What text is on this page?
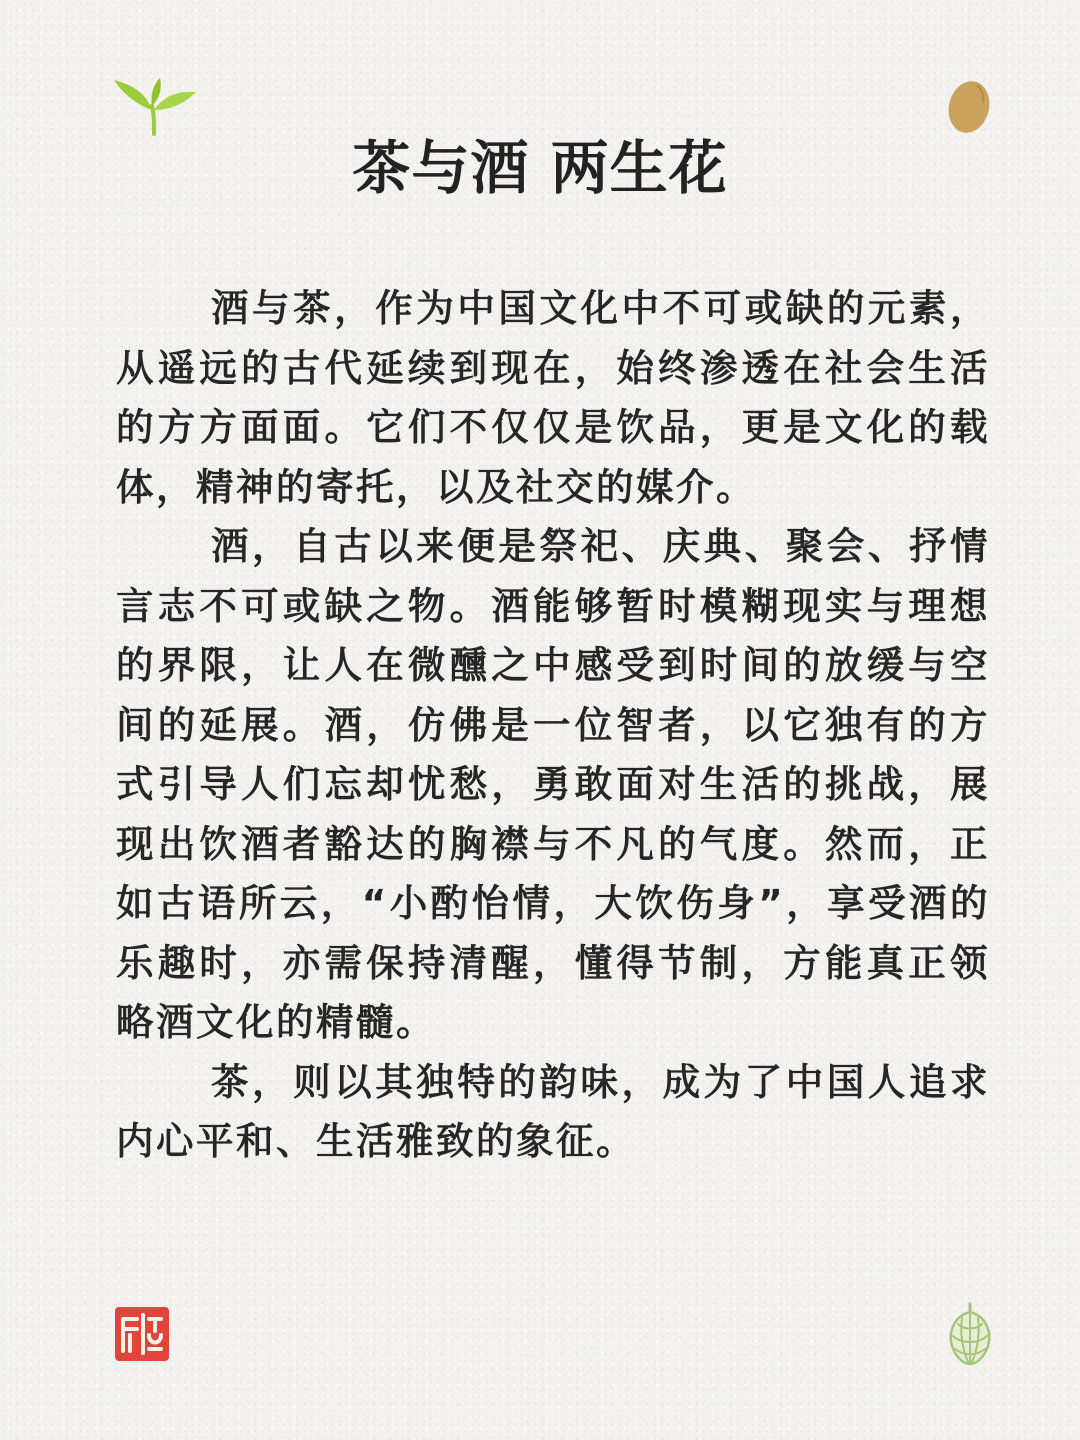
茶与酒 两生花

酒与茶，作为中国文化中不可或缺的元素，从遥远的古代延续到现在，始终渗透在社会生活的方方面面。它们不仅仅是饮品，更是文化的载体，精神的寄托，以及社交的媒介。

酒，自古以来便是祭祀、庆典、聚会、抒情言志不可或缺之物。酒能够暂时模糊现实与理想的界限，让人在微醺之中感受到时间的放缓与空间的延展。酒，仿佛是一位智者，以它独有的方式引导人们忘却忧愁，勇敢面对生活的挑战，展现出饮酒者豁达的胸襟与不凡的气度。然而，正如古语所云，“小酌怡情，大饮伤身”，享受酒的乐趣时，亦需保持清醒，懂得节制，方能真正领略酒文化的精髓。

茶，则以其独特的韵味，成为了中国人追求内心平和、生活雅致的象征。
